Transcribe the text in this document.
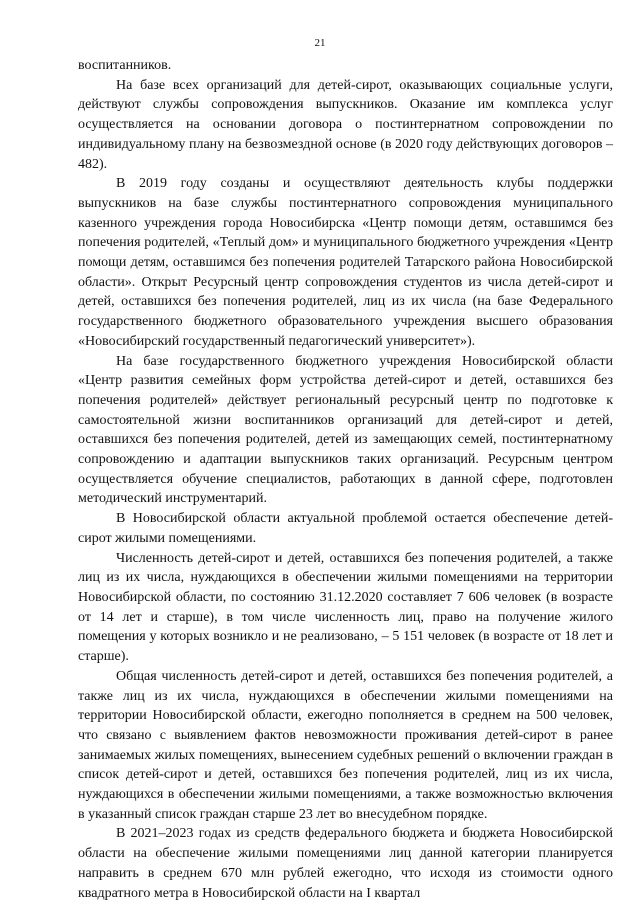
21

воспитанников.

На базе всех организаций для детей-сирот, оказывающих социальные услуги, действуют службы сопровождения выпускников. Оказание им комплекса услуг осуществляется на основании договора о постинтернатном сопровождении по индивидуальному плану на безвозмездной основе (в 2020 году действующих договоров – 482).

В 2019 году созданы и осуществляют деятельность клубы поддержки выпускников на базе службы постинтернатного сопровождения муниципального казенного учреждения города Новосибирска «Центр помощи детям, оставшимся без попечения родителей, «Теплый дом» и муниципального бюджетного учреждения «Центр помощи детям, оставшимся без попечения родителей Татарского района Новосибирской области». Открыт Ресурсный центр сопровождения студентов из числа детей-сирот и детей, оставшихся без попечения родителей, лиц из их числа (на базе Федерального государственного бюджетного образовательного учреждения высшего образования «Новосибирский государственный педагогический университет»).

На базе государственного бюджетного учреждения Новосибирской области «Центр развития семейных форм устройства детей-сирот и детей, оставшихся без попечения родителей» действует региональный ресурсный центр по подготовке к самостоятельной жизни воспитанников организаций для детей-сирот и детей, оставшихся без попечения родителей, детей из замещающих семей, постинтернатному сопровождению и адаптации выпускников таких организаций. Ресурсным центром осуществляется обучение специалистов, работающих в данной сфере, подготовлен методический инструментарий.

В Новосибирской области актуальной проблемой остается обеспечение детей-сирот жилыми помещениями.

Численность детей-сирот и детей, оставшихся без попечения родителей, а также лиц из их числа, нуждающихся в обеспечении жилыми помещениями на территории Новосибирской области, по состоянию 31.12.2020 составляет 7 606 человек (в возрасте от 14 лет и старше), в том числе численность лиц, право на получение жилого помещения у которых возникло и не реализовано, – 5 151 человек (в возрасте от 18 лет и старше).

Общая численность детей-сирот и детей, оставшихся без попечения родителей, а также лиц из их числа, нуждающихся в обеспечении жилыми помещениями на территории Новосибирской области, ежегодно пополняется в среднем на 500 человек, что связано с выявлением фактов невозможности проживания детей-сирот в ранее занимаемых жилых помещениях, вынесением судебных решений о включении граждан в список детей-сирот и детей, оставшихся без попечения родителей, лиц из их числа, нуждающихся в обеспечении жилыми помещениями, а также возможностью включения в указанный список граждан старше 23 лет во внесудебном порядке.

В 2021–2023 годах из средств федерального бюджета и бюджета Новосибирской области на обеспечение жилыми помещениями лиц данной категории планируется направить в среднем 670 млн рублей ежегодно, что исходя из стоимости одного квадратного метра в Новосибирской области на I квартал
